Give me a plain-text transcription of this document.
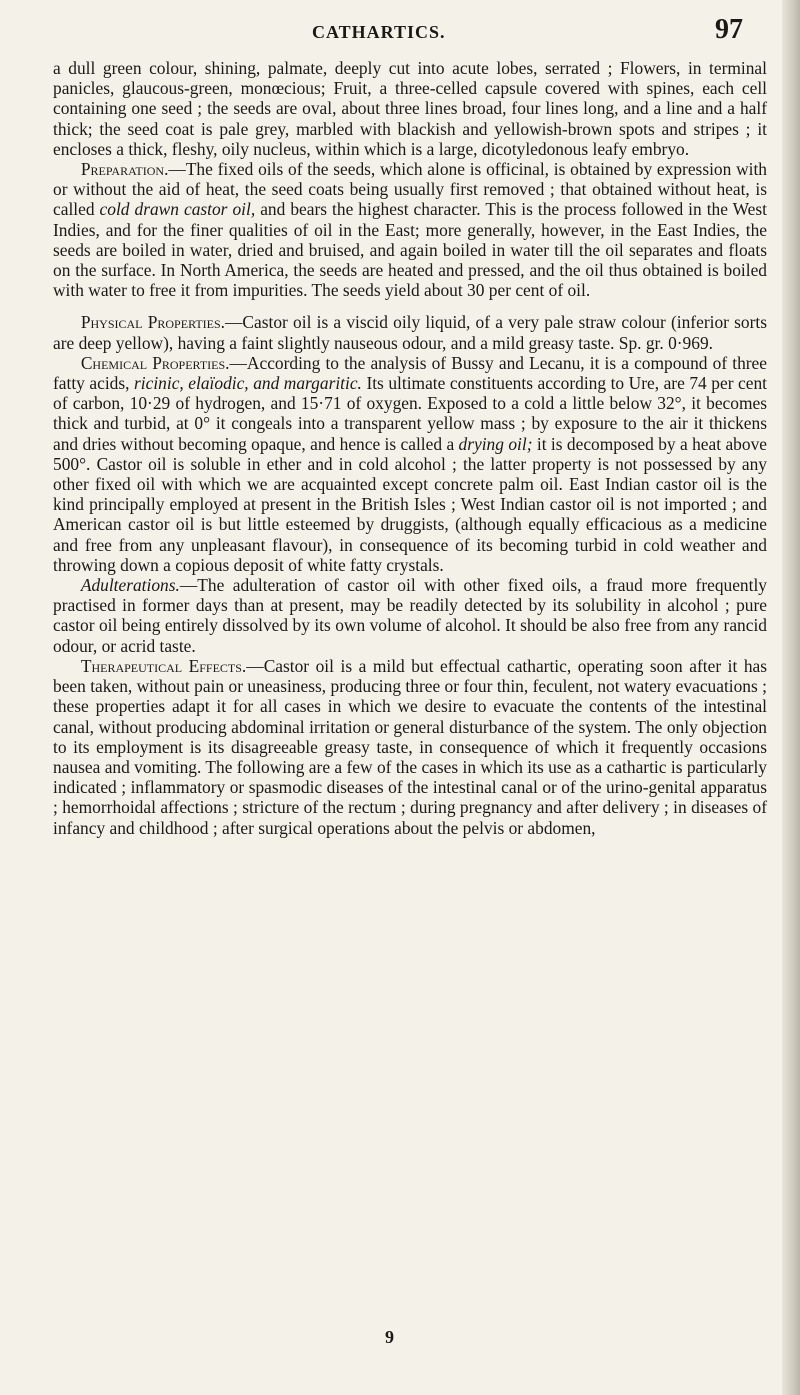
CATHARTICS.	97

a dull green colour, shining, palmate, deeply cut into acute lobes, serrated ; Flowers, in terminal panicles, glaucous-green, monœcious; Fruit, a three-celled capsule covered with spines, each cell containing one seed ; the seeds are oval, about three lines broad, four lines long, and a line and a half thick; the seed coat is pale grey, marbled with blackish and yellowish-brown spots and stripes ; it encloses a thick, fleshy, oily nucleus, within which is a large, dicotyledonous leafy embryo.

Preparation.—The fixed oils of the seeds, which alone is officinal, is obtained by expression with or without the aid of heat, the seed coats being usually first removed ; that obtained without heat, is called cold drawn castor oil, and bears the highest character. This is the process followed in the West Indies, and for the finer qualities of oil in the East; more generally, however, in the East Indies, the seeds are boiled in water, dried and bruised, and again boiled in water till the oil separates and floats on the surface. In North America, the seeds are heated and pressed, and the oil thus obtained is boiled with water to free it from impurities. The seeds yield about 30 per cent of oil.

Physical Properties.—Castor oil is a viscid oily liquid, of a very pale straw colour (inferior sorts are deep yellow), having a faint slightly nauseous odour, and a mild greasy taste. Sp. gr. 0·969.

Chemical Properties.—According to the analysis of Bussy and Lecanu, it is a compound of three fatty acids, ricinic, elaïodic, and margaritic. Its ultimate constituents according to Ure, are 74 per cent of carbon, 10·29 of hydrogen, and 15·71 of oxygen. Exposed to a cold a little below 32°, it becomes thick and turbid, at 0° it congeals into a transparent yellow mass ; by exposure to the air it thickens and dries without becoming opaque, and hence is called a drying oil; it is decomposed by a heat above 500°. Castor oil is soluble in ether and in cold alcohol ; the latter property is not possessed by any other fixed oil with which we are acquainted except concrete palm oil. East Indian castor oil is the kind principally employed at present in the British Isles ; West Indian castor oil is not imported ; and American castor oil is but little esteemed by druggists, (although equally efficacious as a medicine and free from any unpleasant flavour), in consequence of its becoming turbid in cold weather and throwing down a copious deposit of white fatty crystals.

Adulterations.—The adulteration of castor oil with other fixed oils, a fraud more frequently practised in former days than at present, may be readily detected by its solubility in alcohol ; pure castor oil being entirely dissolved by its own volume of alcohol. It should be also free from any rancid odour, or acrid taste.

Therapeutical Effects.—Castor oil is a mild but effectual cathartic, operating soon after it has been taken, without pain or uneasiness, producing three or four thin, feculent, not watery evacuations ; these properties adapt it for all cases in which we desire to evacuate the contents of the intestinal canal, without producing abdominal irritation or general disturbance of the system. The only objection to its employment is its disagreeable greasy taste, in consequence of which it frequently occasions nausea and vomiting. The following are a few of the cases in which its use as a cathartic is particularly indicated ; inflammatory or spasmodic diseases of the intestinal canal or of the urino-genital apparatus ; hemorrhoidal affections ; stricture of the rectum ; during pregnancy and after delivery ; in diseases of infancy and childhood ; after surgical operations about the pelvis or abdomen,

9
